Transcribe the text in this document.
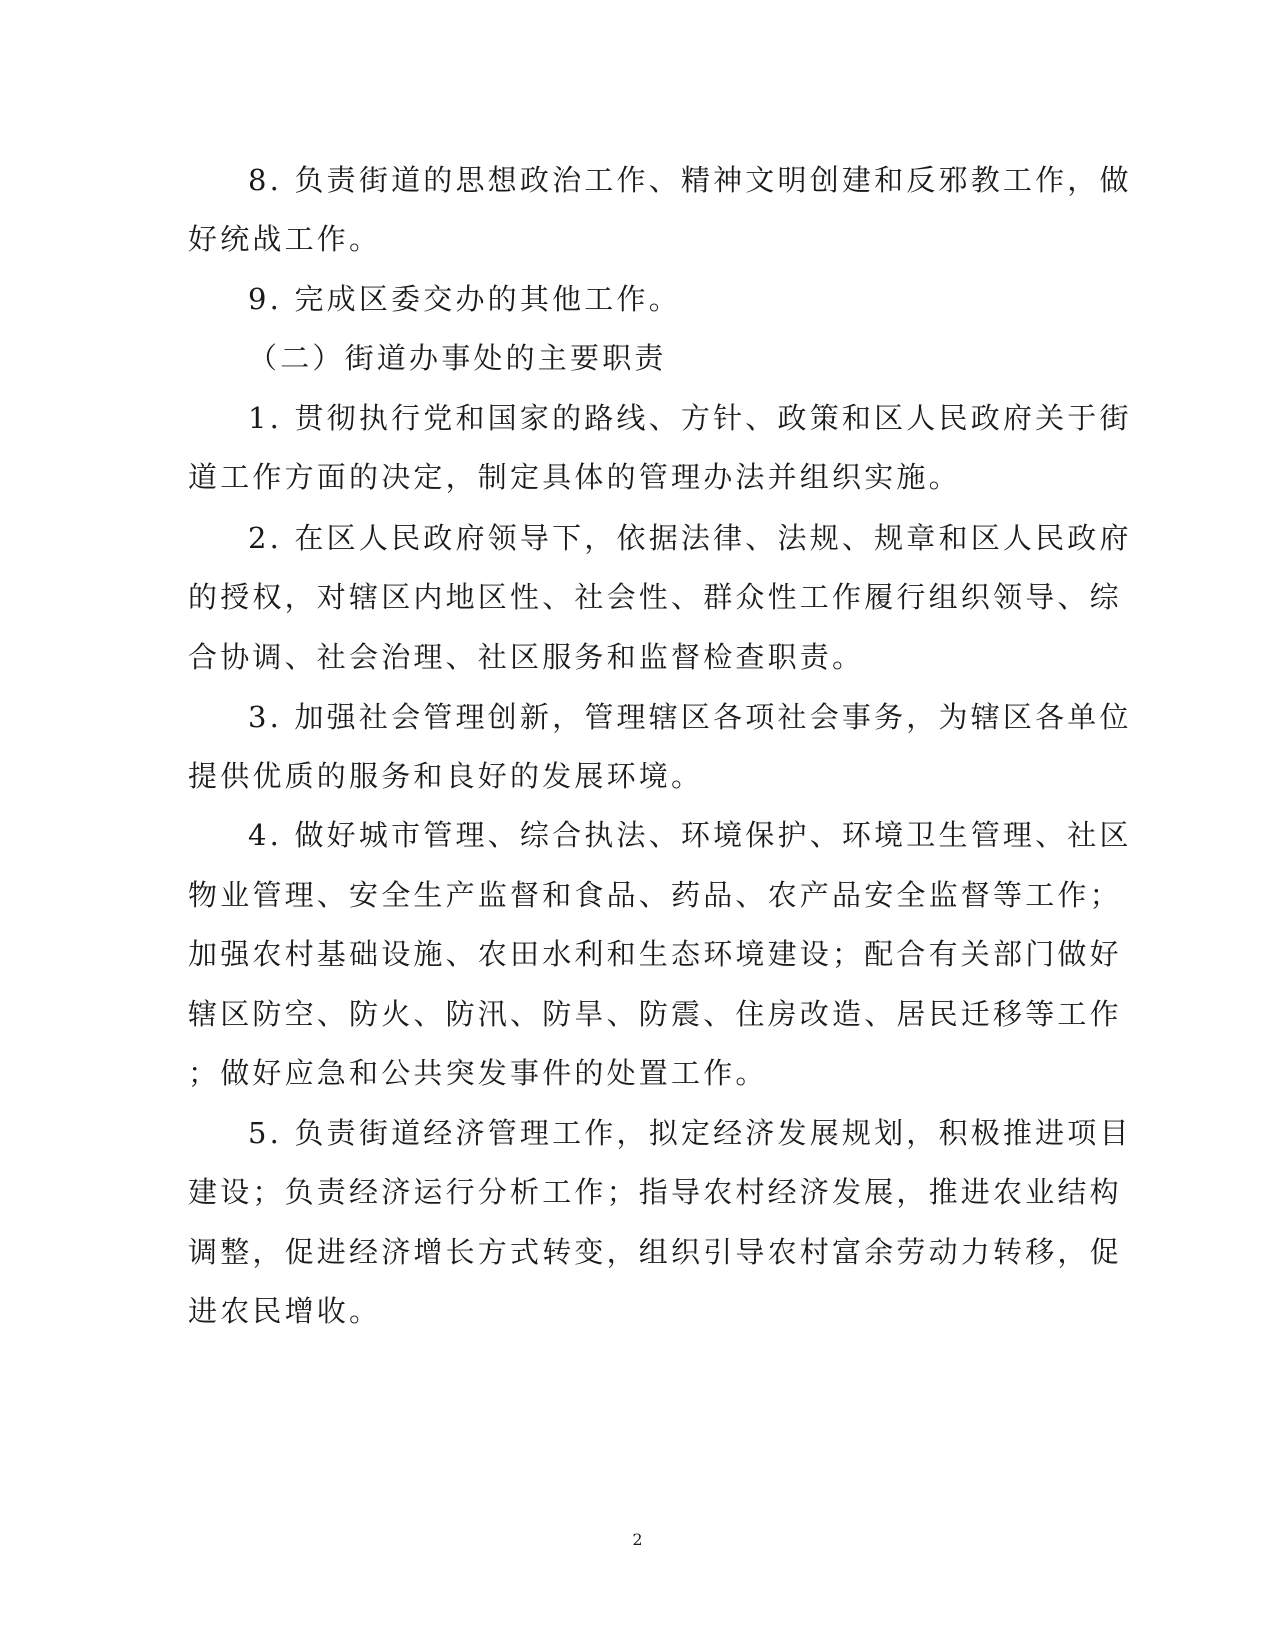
8. 负责街道的思想政治工作、精神文明创建和反邪教工作，做

好统战工作。

9. 完成区委交办的其他工作。

（二）街道办事处的主要职责

1. 贯彻执行党和国家的路线、方针、政策和区人民政府关于街

道工作方面的决定，制定具体的管理办法并组织实施。

2. 在区人民政府领导下，依据法律、法规、规章和区人民政府

的授权，对辖区内地区性、社会性、群众性工作履行组织领导、综

合协调、社会治理、社区服务和监督检查职责。

3. 加强社会管理创新，管理辖区各项社会事务，为辖区各单位

提供优质的服务和良好的发展环境。

4. 做好城市管理、综合执法、环境保护、环境卫生管理、社区

物业管理、安全生产监督和食品、药品、农产品安全监督等工作；

加强农村基础设施、农田水利和生态环境建设；配合有关部门做好

辖区防空、防火、防汛、防旱、防震、住房改造、居民迁移等工作

；做好应急和公共突发事件的处置工作。

5. 负责街道经济管理工作，拟定经济发展规划，积极推进项目

建设；负责经济运行分析工作；指导农村经济发展，推进农业结构

调整，促进经济增长方式转变，组织引导农村富余劳动力转移，促

进农民增收。

2
